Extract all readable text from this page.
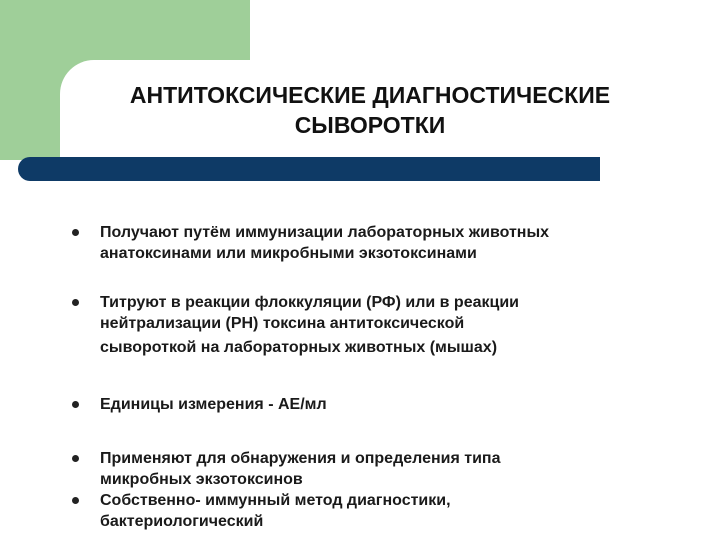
АНТИТОКСИЧЕСКИЕ ДИАГНОСТИЧЕСКИЕ
СЫВОРОТКИ
Получают путём иммунизации лабораторных животных
анатоксинами или микробными экзотоксинами
Титруют в реакции флоккуляции (РФ) или в реакции
нейтрализации (РН) токсина антитоксической
сывороткой на лабораторных животных (мышах)
Единицы измерения - АЕ/мл
Применяют для обнаружения и определения типа
микробных экзотоксинов
Собственно- иммунный метод диагностики,
бактериологический
